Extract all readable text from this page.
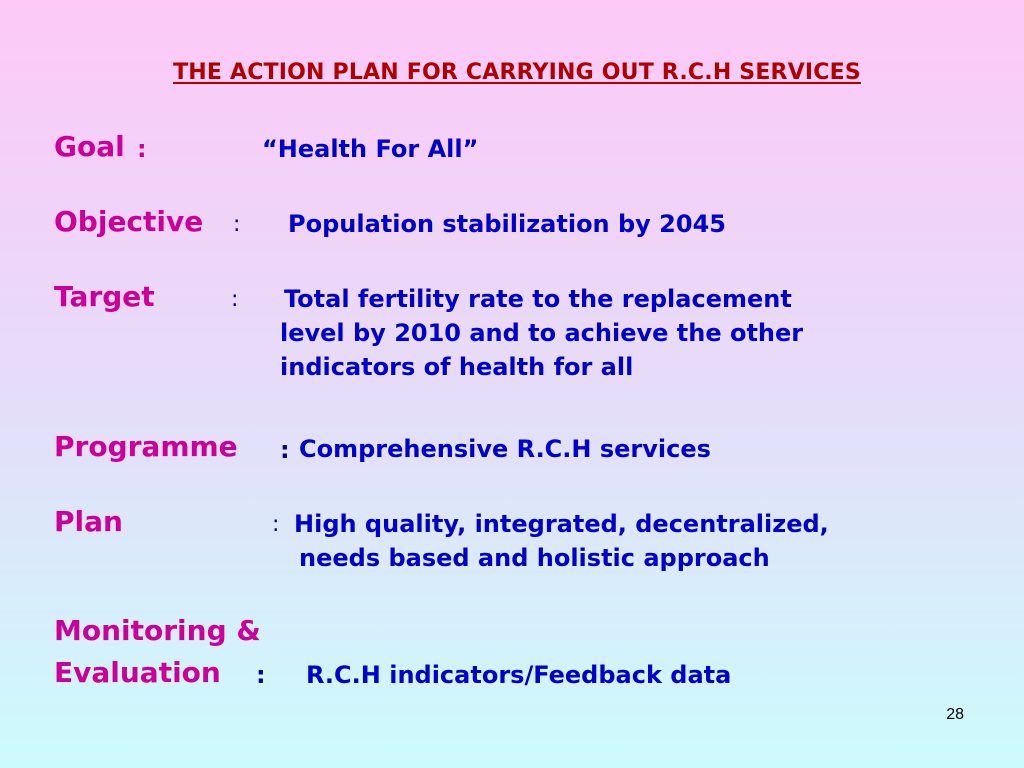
THE ACTION PLAN FOR CARRYING OUT R.C.H SERVICES
Goal :	“Health For All”
Objective : Population stabilization by 2045
Target	: Total fertility rate to the replacement
level by 2010 and to achieve the other
indicators of health for all
Programme : Comprehensive R.C.H services
Plan	: High quality, integrated, decentralized,
needs based and holistic approach
Monitoring &
Evaluation : R.C.H indicators/Feedback data
28
